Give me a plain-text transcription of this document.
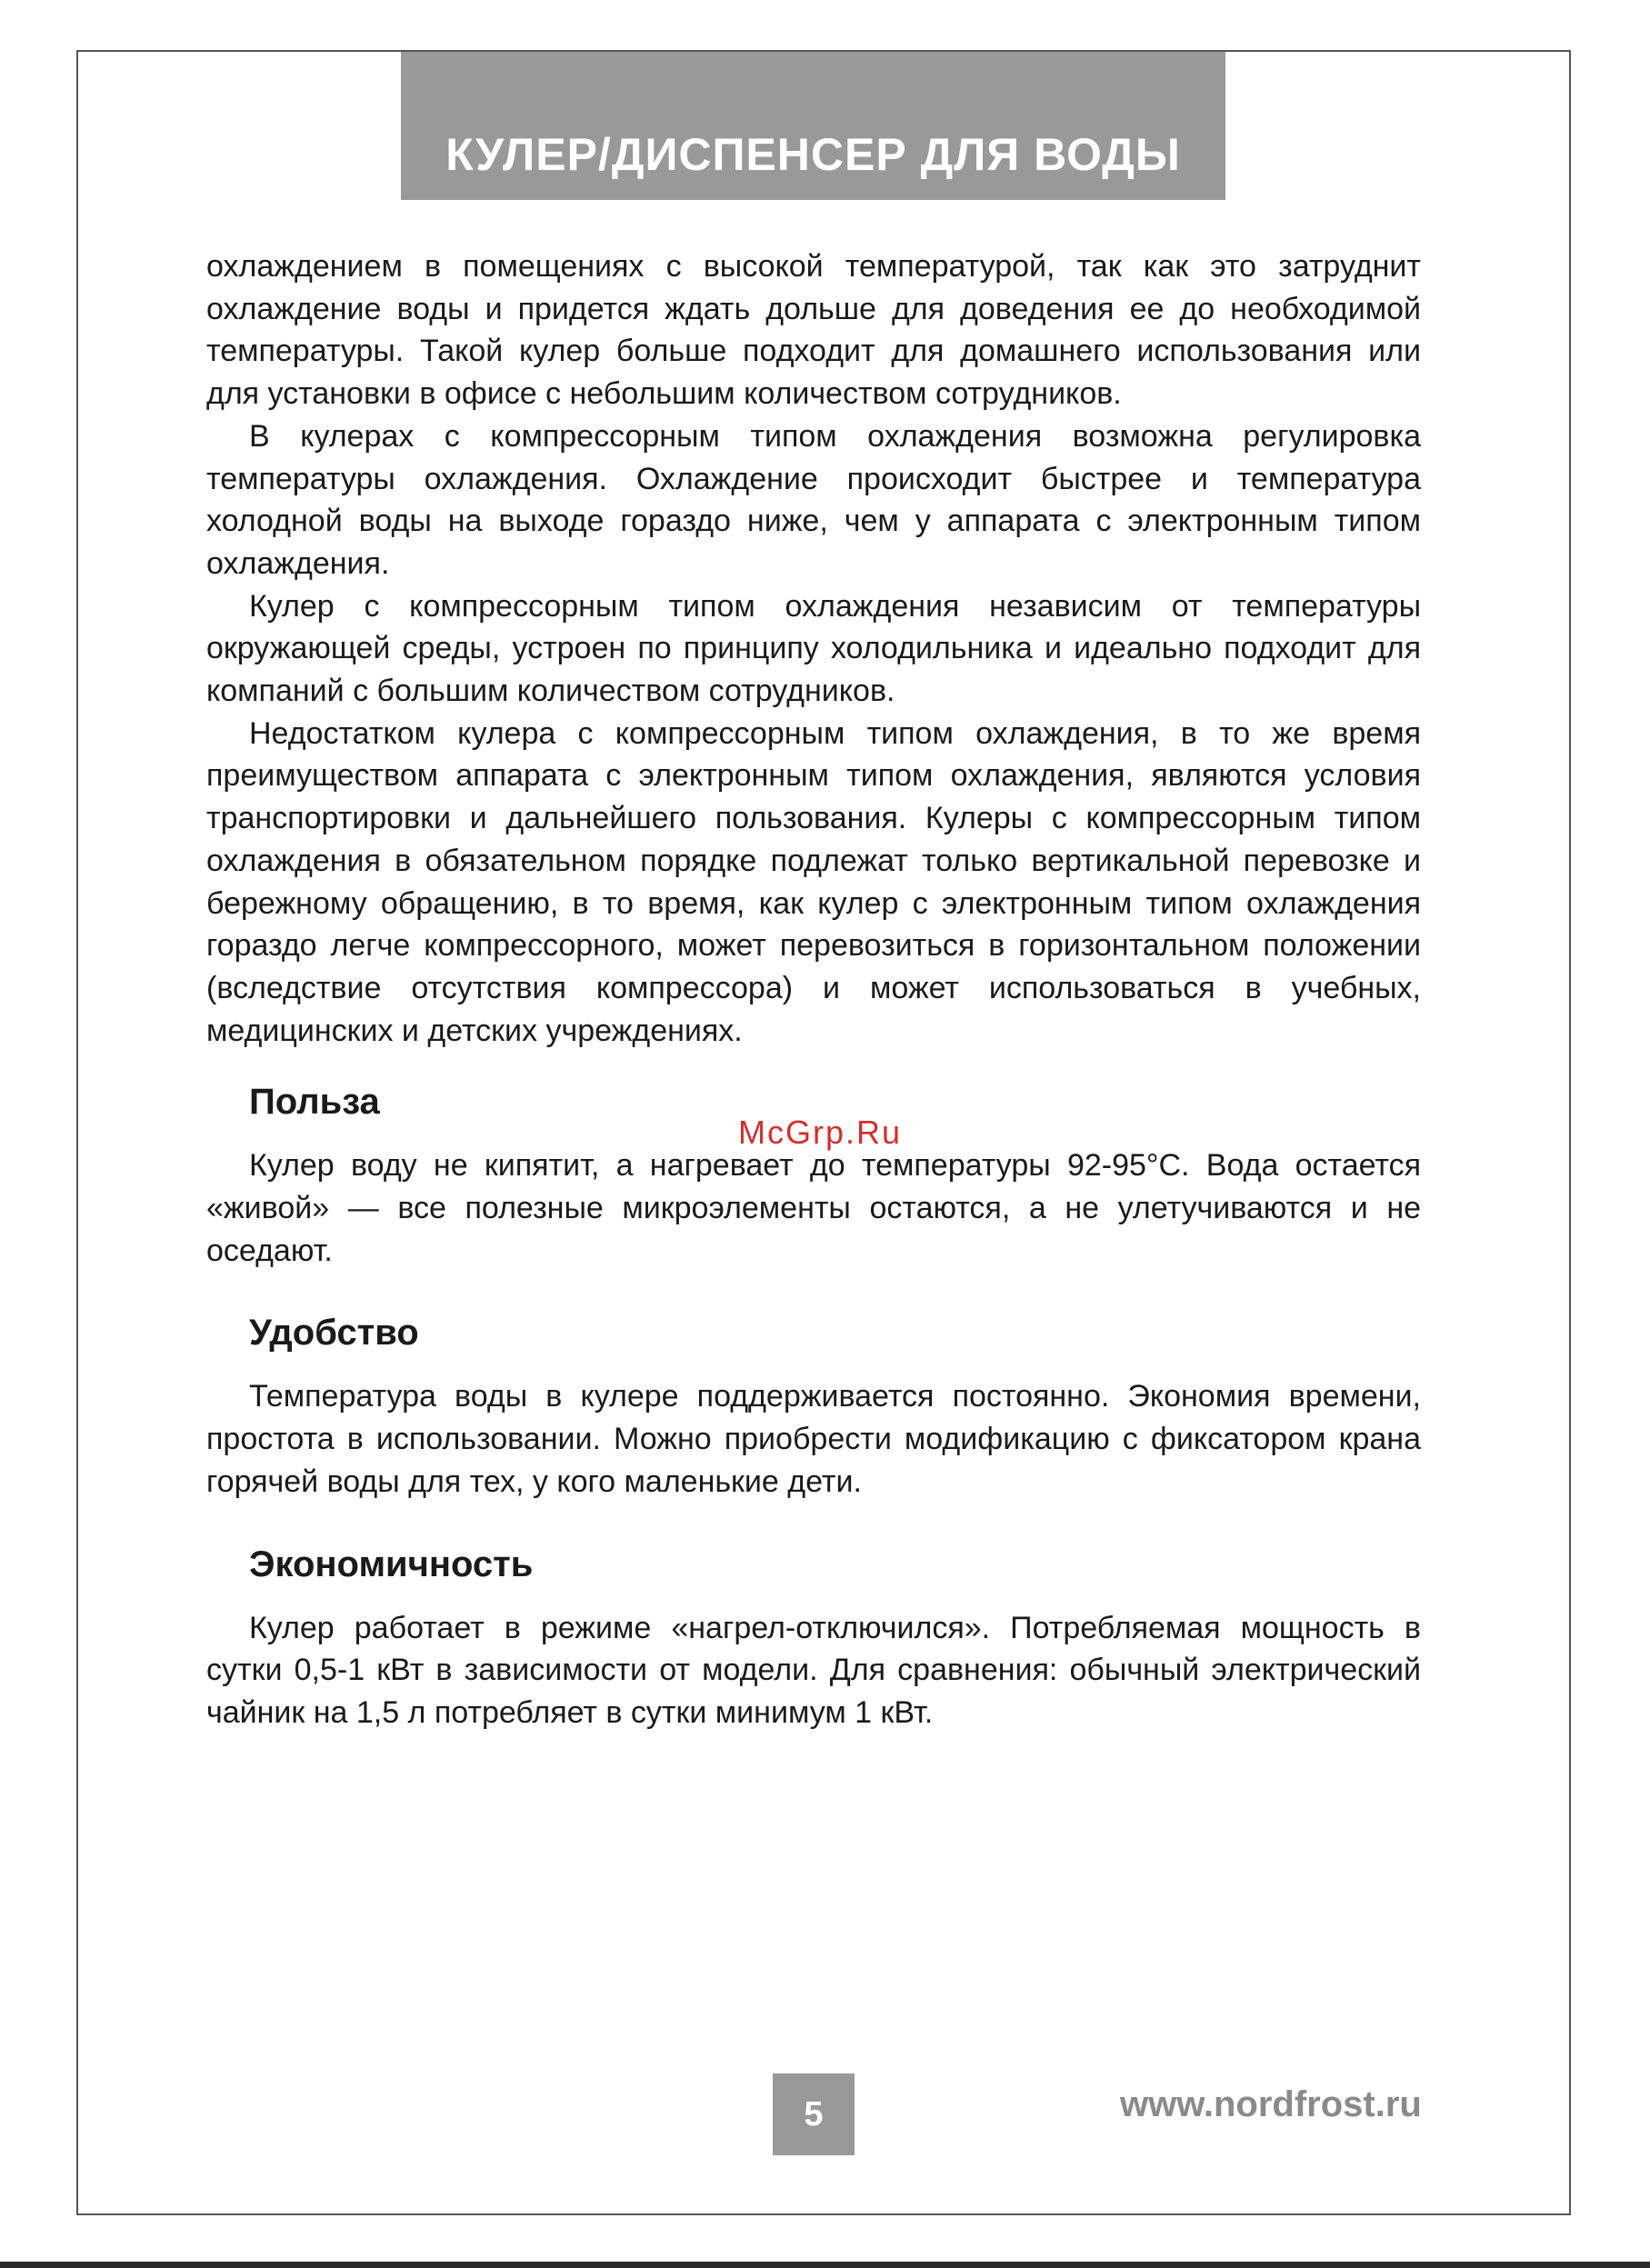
КУЛЕР/ДИСПЕНСЕР ДЛЯ ВОДЫ

охлаждением в помещениях с высокой температурой, так как это затруднит охлаждение воды и придется ждать дольше для доведения ее до необходимой температуры. Такой кулер больше подходит для домашнего использования или для установки в офисе с небольшим количеством сотрудников.

В кулерах с компрессорным типом охлаждения возможна регулировка температуры охлаждения. Охлаждение происходит быстрее и температура холодной воды на выходе гораздо ниже, чем у аппарата с электронным типом охлаждения.

Кулер с компрессорным типом охлаждения независим от температуры окружающей среды, устроен по принципу холодильника и идеально подходит для компаний с большим количеством сотрудников.

Недостатком кулера с компрессорным типом охлаждения, в то же время преимуществом аппарата с электронным типом охлаждения, являются условия транспортировки и дальнейшего пользования. Кулеры с компрессорным типом охлаждения в обязательном порядке подлежат только вертикальной перевозке и бережному обращению, в то время, как кулер с электронным типом охлаждения гораздо легче компрессорного, может перевозиться в горизонтальном положении (вследствие отсутствия компрессора) и может использоваться в учебных, медицинских и детских учреждениях.

Польза

Кулер воду не кипятит, а нагревает до температуры 92-95°С. Вода остается «живой» — все полезные микроэлементы остаются, а не улетучиваются и не оседают.

Удобство

Температура воды в кулере поддерживается постоянно. Экономия времени, простота в использовании. Можно приобрести модификацию с фиксатором крана горячей воды для тех, у кого маленькие дети.

Экономичность

Кулер работает в режиме «нагрел-отключился». Потребляемая мощность в сутки 0,5-1 кВт в зависимости от модели. Для сравнения: обычный электрический чайник на 1,5 л потребляет в сутки минимум 1 кВт.

McGrp.Ru
5	www.nordfrost.ru
